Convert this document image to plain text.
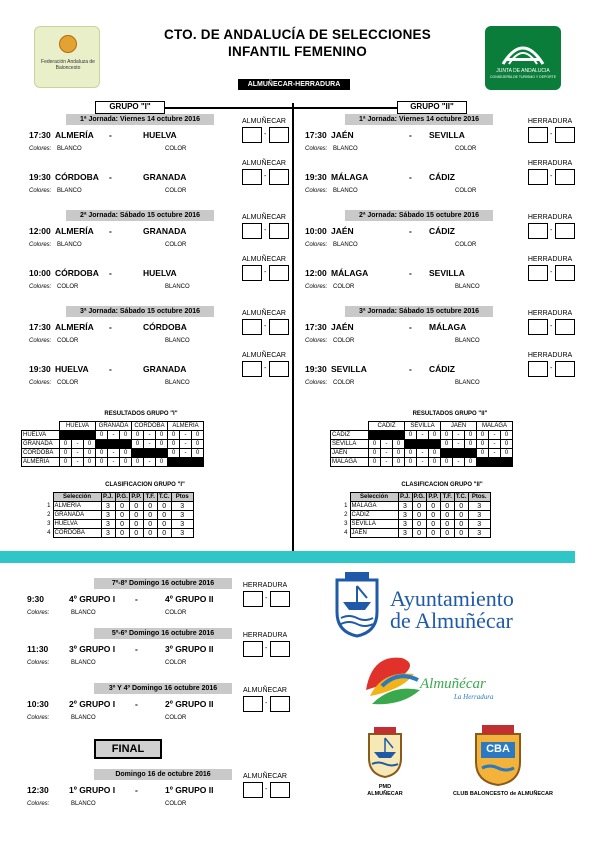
Federación Andaluza de Baloncesto
CTO. DE ANDALUCÍA DE SELECCIONES
INFANTIL FEMENINO
JUNTA DE ANDALUCIA
CONSEJERÍA DE TURISMO Y DEPORTE
ALMUÑECAR-HERRADURA
GRUPO "I"	GRUPO "II"
1ª Jornada: Viernes 14 octubre 2016	ALMUÑECAR
17:30 ALMERÍA -	HUELVA
Colores: BLANCO	COLOR
-
ALMUÑECAR
19:30 CÓRDOBA -	GRANADA
Colores: BLANCO	COLOR
-
2ª Jornada: Sábado 15 octubre 2016	ALMUÑECAR
12:00 ALMERÍA -	GRANADA
Colores: BLANCO	COLOR
-
ALMUÑECAR
10:00 CÓRDOBA -	HUELVA
Colores: COLOR	BLANCO
-
3ª Jornada: Sábado 15 octubre 2016	ALMUÑECAR
17:30 ALMERÍA -	CÓRDOBA
Colores: COLOR	BLANCO
-
ALMUÑECAR
19:30 HUELVA -	GRANADA
Colores: COLOR	BLANCO
-
1ª Jornada: Viernes 14 octubre 2016	HERRADURA
17:30 JAÉN	- SEVILLA
Colores: BLANCO	COLOR
-
HERRADURA
19:30 MÁLAGA	- CÁDIZ
Colores: BLANCO	COLOR
-
2ª Jornada: Sábado 15 octubre 2016	HERRADURA
10:00 JAÉN	- CÁDIZ
Colores: BLANCO	COLOR
-
HERRADURA
12:00 MÁLAGA	- SEVILLA
Colores: COLOR	BLANCO
-
3ª Jornada: Sábado 15 octubre 2016	HERRADURA
17:30 JAÉN	- MÁLAGA
Colores: COLOR	BLANCO
-
HERRADURA
19:30 SEVILLA	- CÁDIZ
Colores: COLOR	BLANCO
-
RESULTADOS GRUPO "I"
	HUELVA			GRANADA			CORDOBA			ALMERIA		
HUELVA				0	-	0	0	-	0	0	-	0
GRANADA	0	-	0				0	-	0	0	-	0
CORDOBA	0	-	0	0	-	0				0	-	0
ALMERIA	0	-	0	0	-	0	0	-	0			
RESULTADOS GRUPO "II"
	CADIZ			SEVILLA			JAEN			MALAGA		
CÁDIZ				0	-	0	0	-	0	0	-	0
SEVILLA	0	-	0				0	-	0	0	-	0
JAÉN	0	-	0	0	-	0				0	-	0
MALAGA	0	-	0	0	-	0	0	-	0			
CLASIFICACION GRUPO "I"
	Selección	P.J.	P.G.	P.P.	T.F.	T.C.	Ptos
1	ALMERÍA	3	0	0	0	0	3
2	GRANADA	3	0	0	0	0	3
3	HUELVA	3	0	0	0	0	3
4	CORDOBA	3	0	0	0	0	3
CLASIFICACION GRUPO "II"
	Selección	P.J.	P.G.	P.P.	T.F.	T.C.	Ptos.
1	MÁLAGA	3	0	0	0	0	3
2	CÁDIZ	3	0	0	0	0	3
3	SEVILLA	3	0	0	0	0	3
4	JAÉN	3	0	0	0	0	3
7º-8º Domingo 16 octubre 2016	HERRADURA
9:30	4º GRUPO I -	4º GRUPO II
Colores:	BLANCO	COLOR
-
5º-6º Domingo 16 octubre 2016	HERRADURA
11:30 3º GRUPO I -	3º GRUPO II
Colores:	BLANCO	COLOR
-
3º Y 4º Domingo 16 octubre 2016	ALMUÑECAR
10:30 2º GRUPO I -	2º GRUPO II
Colores:	BLANCO	COLOR
-
Domingo 16 de octubre 2016	ALMUÑECAR
12:30 1º GRUPO I -	1º GRUPO II
Colores:	BLANCO	COLOR
-
FINAL
Ayuntamiento
de Almuñécar
Almuñécar
La Herradura
PMD
ALMUÑECAR
CBA
CLUB BALONCESTO de ALMUÑECAR
